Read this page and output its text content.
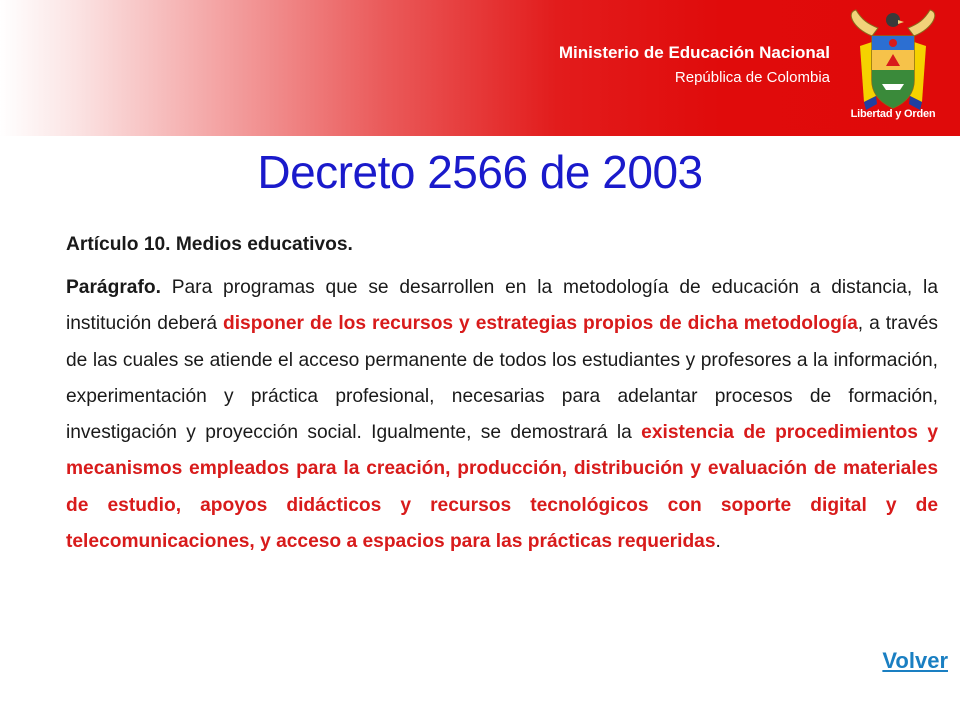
Ministerio de Educación Nacional
República de Colombia
Libertad y Orden
Decreto 2566 de 2003
Artículo 10. Medios educativos.
Parágrafo. Para programas que se desarrollen en la metodología de educación a distancia, la institución deberá disponer de los recursos y estrategias propios de dicha metodología, a través de las cuales se atiende el acceso permanente de todos los estudiantes y profesores a la información, experimentación y práctica profesional, necesarias para adelantar procesos de formación, investigación y proyección social. Igualmente, se demostrará la existencia de procedimientos y mecanismos empleados para la creación, producción, distribución y evaluación de materiales de estudio, apoyos didácticos y recursos tecnológicos con soporte digital y de telecomunicaciones, y acceso a espacios para las prácticas requeridas.
Volver
